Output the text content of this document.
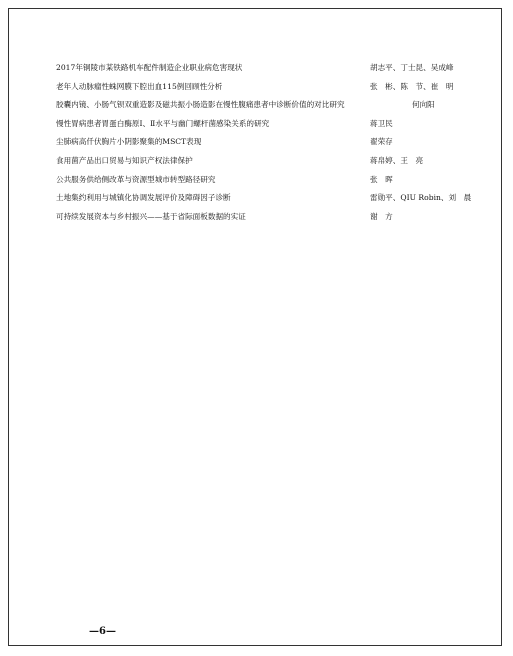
2017年铜陵市某铁路机车配件制造企业职业病危害现状	胡志平、丁士昆、吴成峰
老年人动脉瘤性蛛网膜下腔出血115例回顾性分析	张　彬、陈　节、崔　明
胶囊内镜、小肠气钡双重造影及磁共振小肠造影在慢性腹痛患者中诊断价值的对比研究	何向阳
慢性胃病患者胃蛋白酶原Ⅰ、Ⅱ水平与幽门螺杆菌感染关系的研究	蒋卫民
尘肺病高仟伏胸片小阴影聚集的MSCT表现	翟荣存
食用菌产品出口贸易与知识产权法律保护	蒋帛婷、王　亮
公共服务供给侧改革与资源型城市转型路径研究	张　晖
土地集约利用与城镇化协调发展评价及障碍因子诊断	雷勋平、QIU Robin、刘　晨
可持续发展资本与乡村振兴——基于省际面板数据的实证	谢　方
—6—
